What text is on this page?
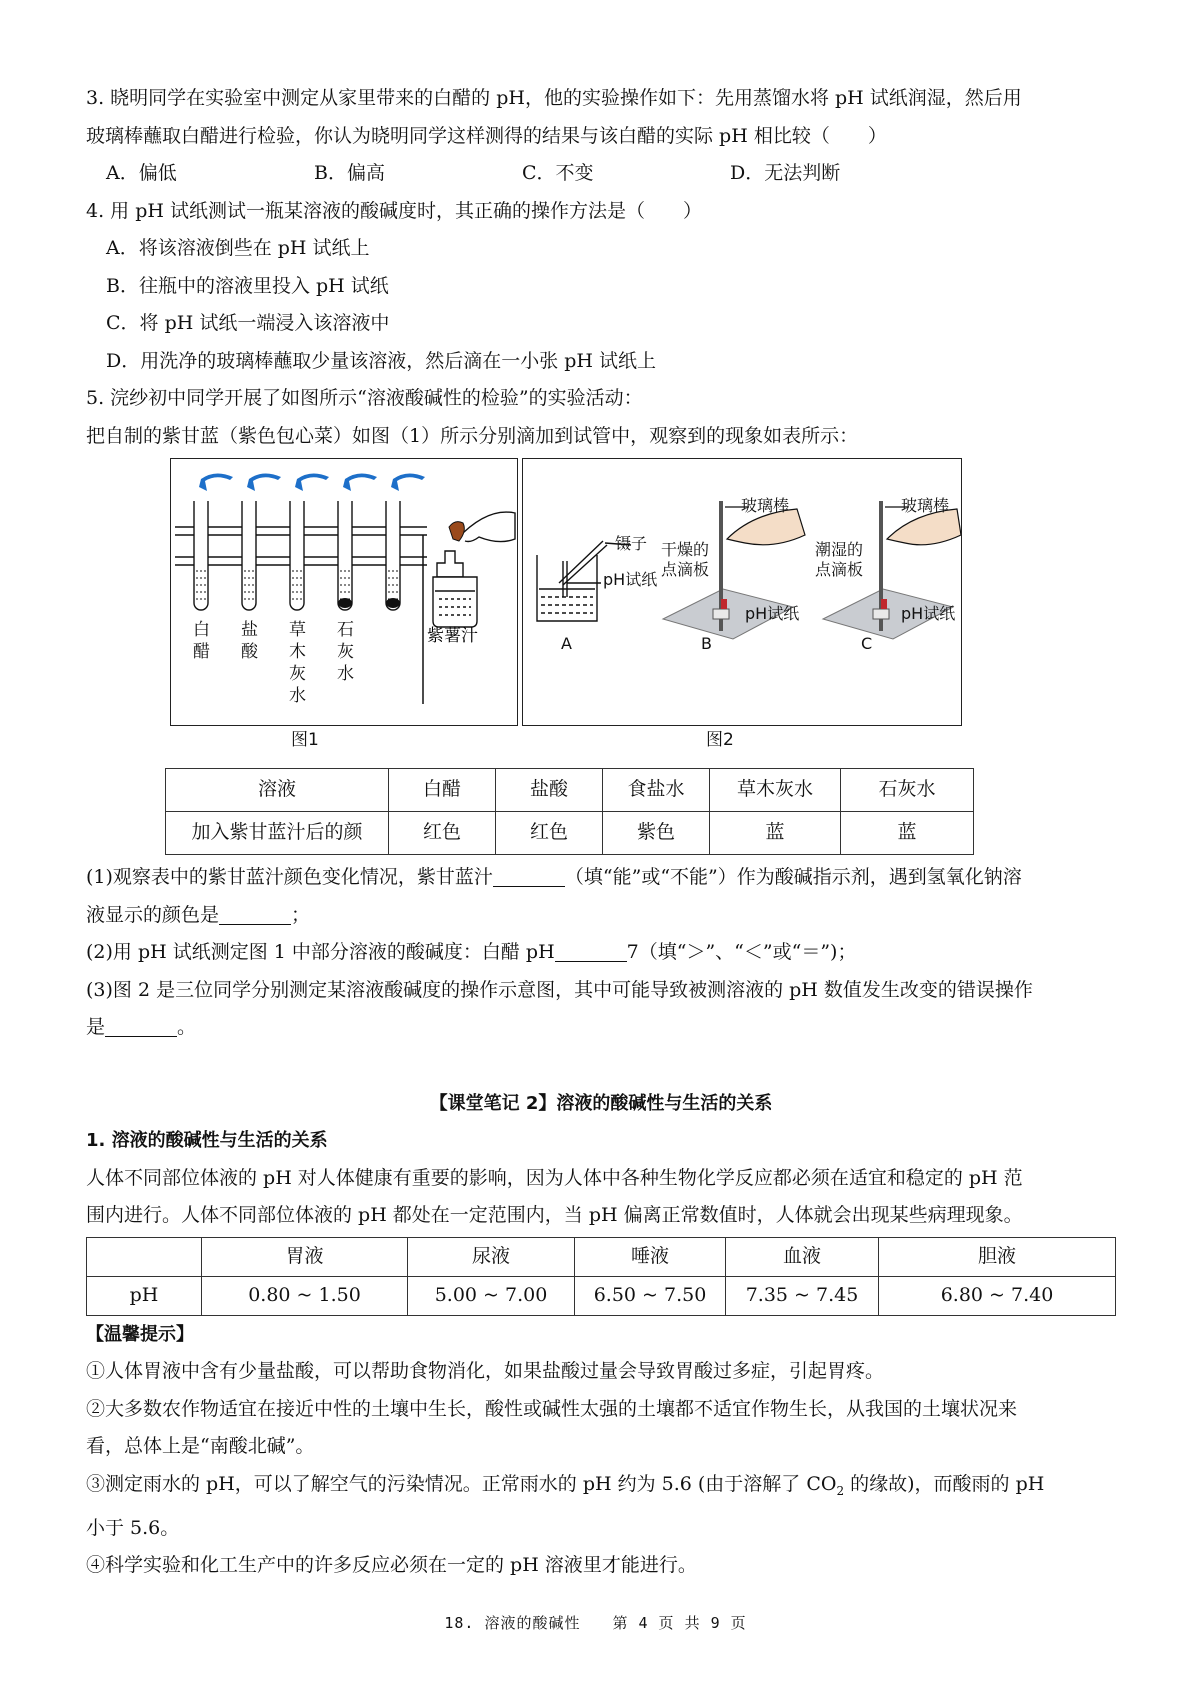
3. 晓明同学在实验室中测定从家里带来的白醋的 pH，他的实验操作如下：先用蒸馏水将 pH 试纸润湿，然后用
玻璃棒蘸取白醋进行检验，你认为晓明同学这样测得的结果与该白醋的实际 pH 相比较（　　）
A．偏低	B．偏高	C．不变	D．无法判断
4. 用 pH 试纸测试一瓶某溶液的酸碱度时，其正确的操作方法是（　　）
A．将该溶液倒些在 pH 试纸上
B．往瓶中的溶液里投入 pH 试纸
C．将 pH 试纸一端浸入该溶液中
D．用洗净的玻璃棒蘸取少量该溶液，然后滴在一小张 pH 试纸上
5. 浣纱初中同学开展了如图所示“溶液酸碱性的检验”的实验活动：
把自制的紫甘蓝（紫色包心菜）如图（1）所示分别滴加到试管中，观察到的现象如表所示：
白
醋
盐
酸
草
木
灰
水
石
灰
水
紫薯汁
镊子
pH试纸
玻璃棒	玻璃棒
干燥的
点滴板
潮湿的
点滴板
pH试纸	pH试纸
A	B	C
图1	图2
溶液	白醋	盐酸	食盐水	草木灰水	石灰水
加入紫甘蓝汁后的颜	红色	红色	紫色	蓝	蓝
(1)观察表中的紫甘蓝汁颜色变化情况，紫甘蓝汁	（填“能”或“不能”）作为酸碱指示剂，遇到氢氧化钠溶
液显示的颜色是	；
(2)用 pH 试纸测定图 1 中部分溶液的酸碱度：白醋 pH	7（填“＞”、“＜”或“＝”)；
(3)图 2 是三位同学分别测定某溶液酸碱度的操作示意图，其中可能导致被测溶液的 pH 数值发生改变的错误操作
是	。
【课堂笔记 2】溶液的酸碱性与生活的关系
1. 溶液的酸碱性与生活的关系
人体不同部位体液的 pH 对人体健康有重要的影响，因为人体中各种生物化学反应都必须在适宜和稳定的 pH 范
围内进行。人体不同部位体液的 pH 都处在一定范围内，当 pH 偏离正常数值时，人体就会出现某些病理现象。
	胃液	尿液	唾液	血液	胆液
pH	0.80 ~ 1.50	5.00 ~ 7.00	6.50 ~ 7.50	7.35 ~ 7.45	6.80 ~ 7.40
【温馨提示】
①人体胃液中含有少量盐酸，可以帮助食物消化，如果盐酸过量会导致胃酸过多症，引起胃疼。
②大多数农作物适宜在接近中性的土壤中生长，酸性或碱性太强的土壤都不适宜作物生长，从我国的土壤状况来
看，总体上是“南酸北碱”。
③测定雨水的 pH，可以了解空气的污染情况。正常雨水的 pH 约为 5.6 (由于溶解了 $CO_2$ 的缘故)，而酸雨的 pH
小于 5.6。
④科学实验和化工生产中的许多反应必须在一定的 pH 溶液里才能进行。
18. 溶液的酸碱性　　第 4 页 共 9 页
